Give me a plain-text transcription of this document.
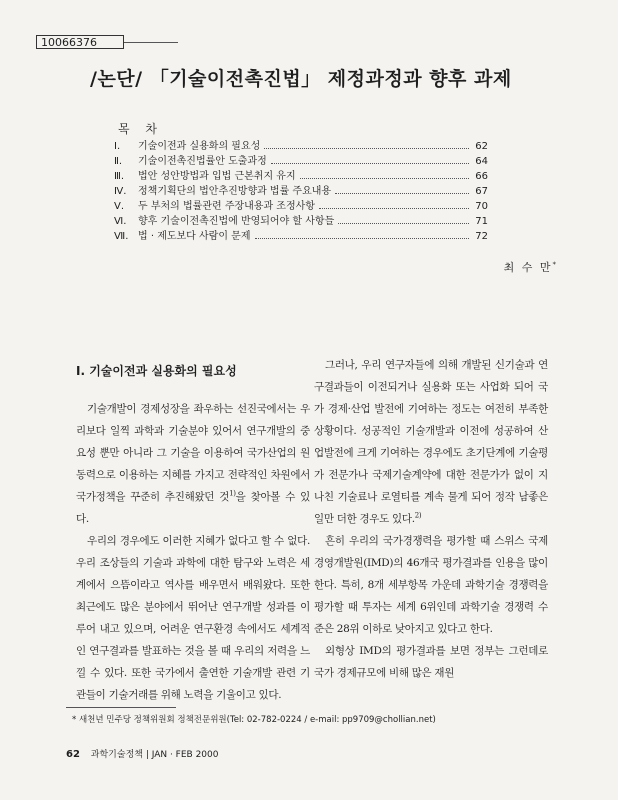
10066376
/논단/ 「기술이전촉진법」 제정과정과 향후 과제
목 차
Ⅰ.	기술이전과 실용화의 필요성	62
Ⅱ.	기술이전촉진법률안 도출과정	64
Ⅲ.	법안 성안방법과 입법 근본취지 유지	66
Ⅳ.	정책기획단의 법안추진방향과 법률 주요내용	67
Ⅴ.	두 부처의 법률관련 주장내용과 조정사항	70
Ⅵ.	향후 기술이전촉진법에 반영되어야 할 사항들	71
Ⅶ. 법 · 제도보다 사람이 문제	72
최 수 만*
Ⅰ. 기술이전과 실용화의 필요성

기술개발이 경제성장을 좌우하는 선진국에서는 우리보다 일찍 과학과 기술분야 있어서 연구개발의 중요성 뿐만 아니라 그 기술을 이용하여 국가산업의 원동력으로 이용하는 지혜를 가지고 전략적인 차원에서 국가정책을 꾸준히 추진해왔던 것$^{1)}$을 찾아볼 수 있다.

우리의 경우에도 이러한 지혜가 없다고 할 수 없다. 우리 조상들의 기술과 과학에 대한 탐구와 노력은 세계에서 으뜸이라고 역사를 배우면서 배워왔다. 또한 최근에도 많은 분야에서 뛰어난 연구개발 성과를 이루어 내고 있으며, 어려운 연구환경 속에서도 세계적인 연구결과를 발표하는 것을 볼 때 우리의 저력을 느낄 수 있다. 또한 국가에서 출연한 기술개발 관련 기관들이 기술거래를 위해 노력을 기울이고 있다.

그러나, 우리 연구자들에 의해 개발된 신기술과 연구결과들이 이전되거나 실용화 또는 사업화 되어 국가 경제·산업 발전에 기여하는 정도는 여전히 부족한 상황이다. 성공적인 기술개발과 이전에 성공하여 산업발전에 크게 기여하는 경우에도 초기단계에 기술평가 전문가나 국제기술계약에 대한 전문가가 없이 지나친 기술료나 로열티를 계속 물게 되어 정작 남좋은 일만 더한 경우도 있다.$^{2)}$

흔히 우리의 국가경쟁력을 평가할 때 스위스 국제경영개발원(IMD)의 46개국 평가결과를 인용을 많이 한다. 특히, 8개 세부항목 가운데 과학기술 경쟁력을 평가할 때 투자는 세계 6위인데 과학기술 경쟁력 수준은 28위 이하로 낮아지고 있다고 한다.

외형상 IMD의 평가결과를 보면 정부는 그런데로 국가 경제규모에 비해 많은 재원

* 새천년 민주당 정책위원회 정책전문위원(Tel: 02-782-0224 / e-mail: pp9709@chollian.net)
62 과학기술정책 | JAN · FEB 2000
